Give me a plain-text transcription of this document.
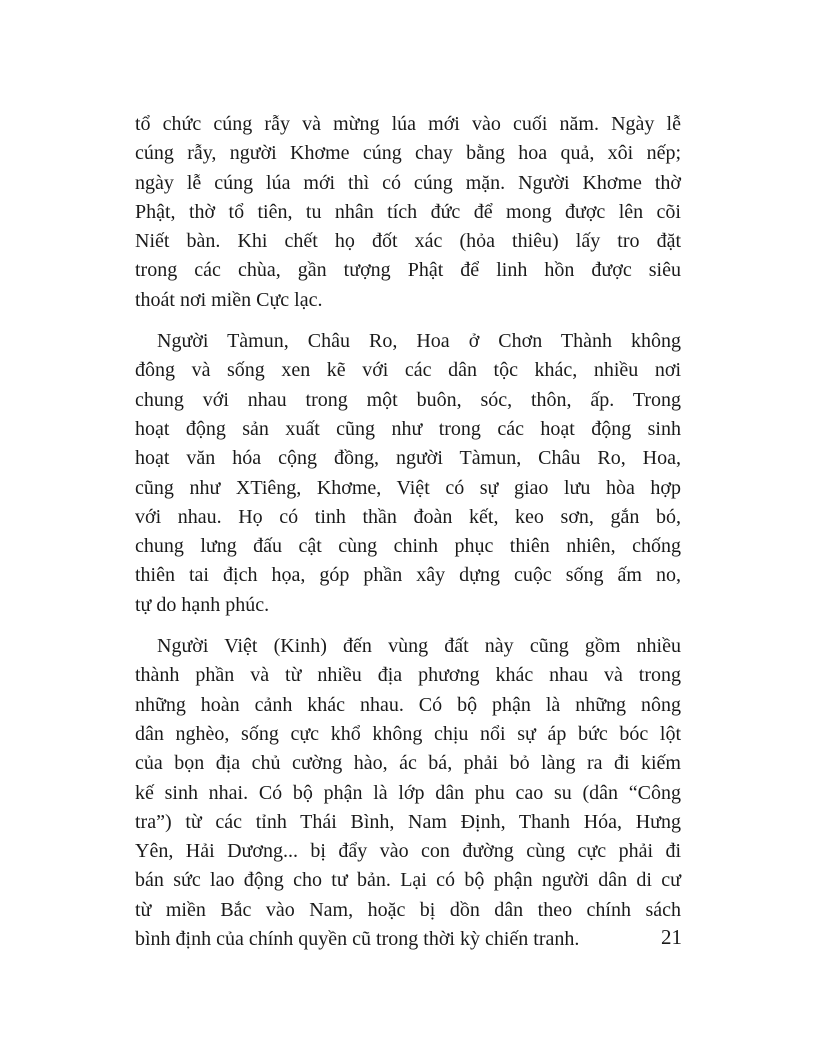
tổ chức cúng rẫy và mừng lúa mới vào cuối năm. Ngày lễ
cúng rẫy, người Khơme cúng chay bằng hoa quả, xôi nếp;
ngày lễ cúng lúa mới thì có cúng mặn. Người Khơme thờ
Phật, thờ tổ tiên, tu nhân tích đức để mong được lên cõi
Niết bàn. Khi chết họ đốt xác (hỏa thiêu) lấy tro đặt
trong các chùa, gần tượng Phật để linh hồn được siêu
thoát nơi miền Cực lạc.
Người Tàmun, Châu Ro, Hoa ở Chơn Thành không
đông và sống xen kẽ với các dân tộc khác, nhiều nơi
chung với nhau trong một buôn, sóc, thôn, ấp. Trong
hoạt động sản xuất cũng như trong các hoạt động sinh
hoạt văn hóa cộng đồng, người Tàmun, Châu Ro, Hoa,
cũng như XTiêng, Khơme, Việt có sự giao lưu hòa hợp
với nhau. Họ có tinh thần đoàn kết, keo sơn, gắn bó,
chung lưng đấu cật cùng chinh phục thiên nhiên, chống
thiên tai địch họa, góp phần xây dựng cuộc sống ấm no,
tự do hạnh phúc.
Người Việt (Kinh) đến vùng đất này cũng gồm nhiều
thành phần và từ nhiều địa phương khác nhau và trong
những hoàn cảnh khác nhau. Có bộ phận là những nông
dân nghèo, sống cực khổ không chịu nổi sự áp bức bóc lột
của bọn địa chủ cường hào, ác bá, phải bỏ làng ra đi kiếm
kế sinh nhai. Có bộ phận là lớp dân phu cao su (dân “Công
tra”) từ các tỉnh Thái Bình, Nam Định, Thanh Hóa, Hưng
Yên, Hải Dương... bị đẩy vào con đường cùng cực phải đi
bán sức lao động cho tư bản. Lại có bộ phận người dân di cư
từ miền Bắc vào Nam, hoặc bị dồn dân theo chính sách
bình định của chính quyền cũ trong thời kỳ chiến tranh.	21
